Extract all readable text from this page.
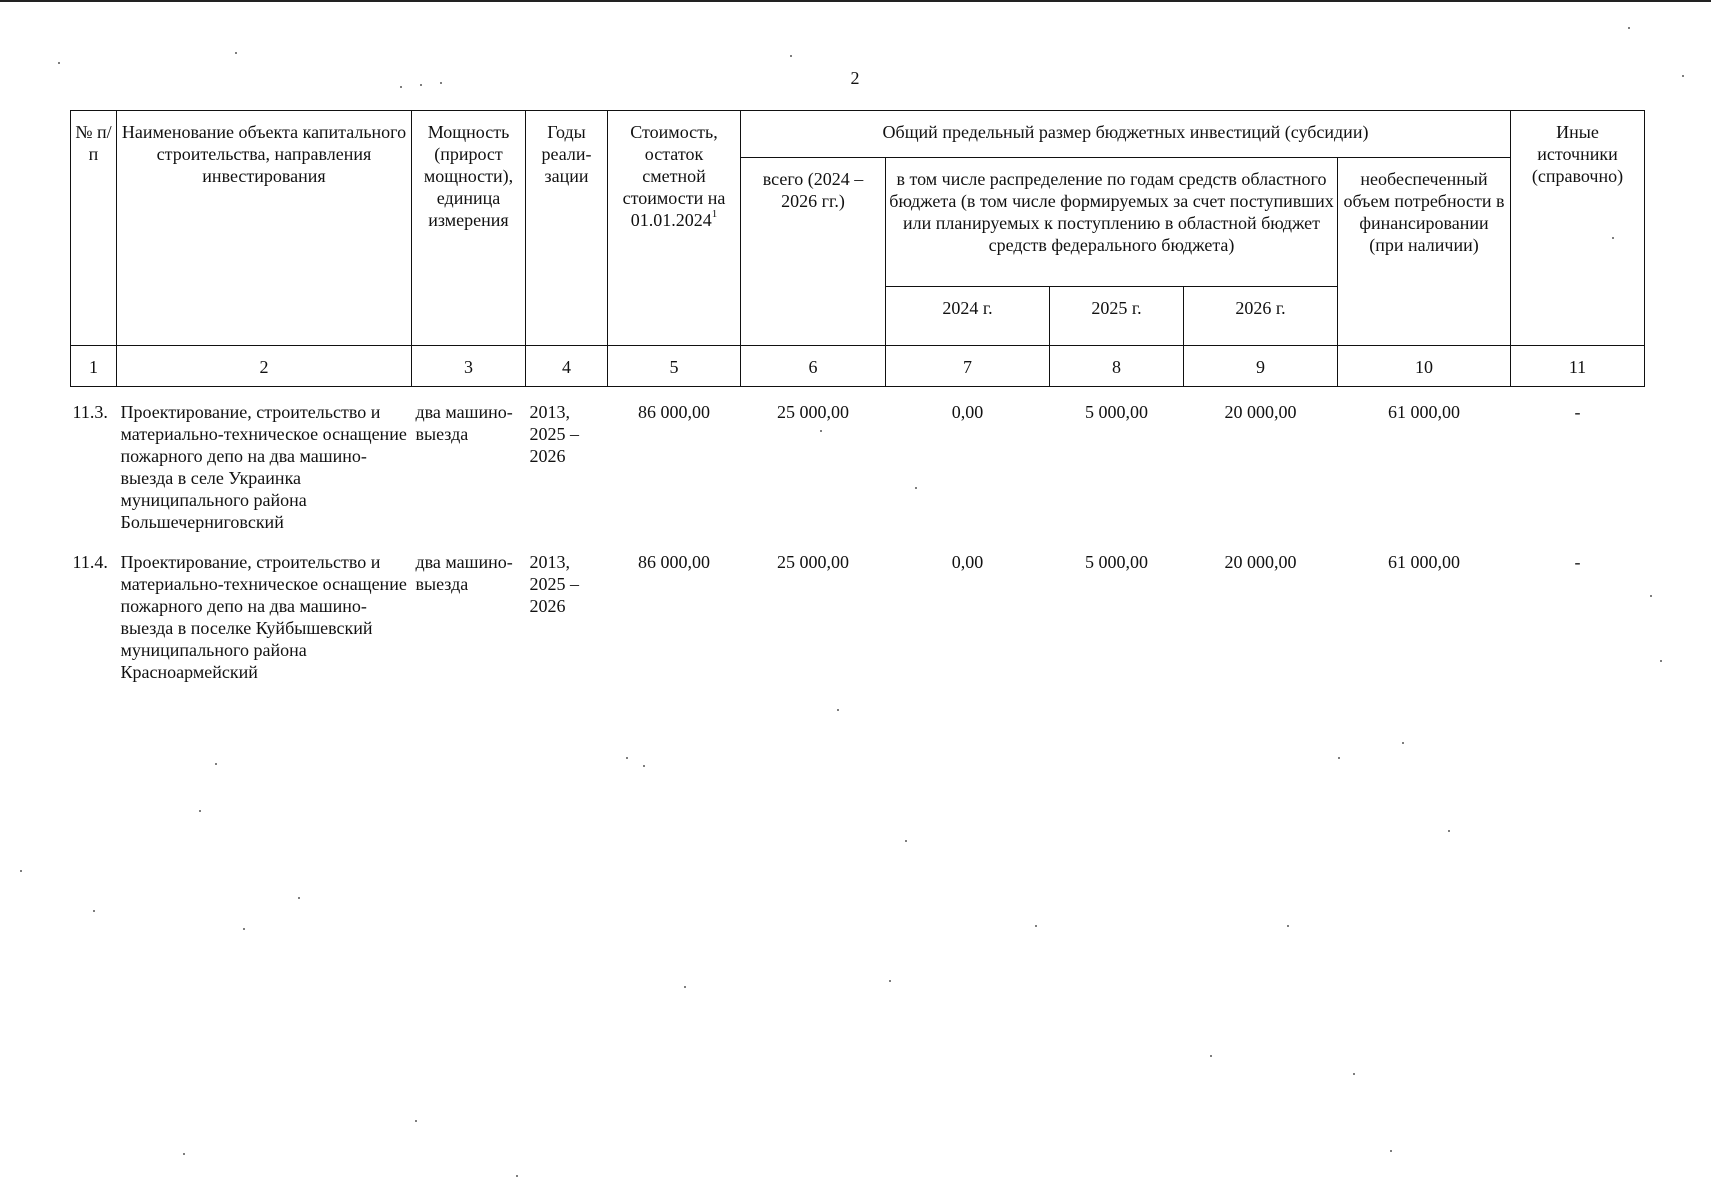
2
№ п/п	Наименование объекта капитального строительства, направления инвестирования	Мощность (прирост мощности), единица измерения	Годы реали-зации	Стоимость, остаток сметной стоимости на 01.01.2024$^1$	Общий предельный размер бюджетных инвестиций (субсидии)					Иные источники (справочно)
					всего (2024 – 2026 гг.)	в том числе распределение по годам средств областного бюджета (в том числе формируемых за счет поступивших или планируемых к поступлению в областной бюджет средств федерального бюджета)			необеспеченный объем потребности в финансировании (при наличии)	
						2024 г.	2025 г.	2026 г.		
1	2	3	4	5	6	7	8	9	10	11
11.3.	Проектирование, строительство и материально-техническое оснащение пожарного депо на два машино-выезда в селе Украинка муниципального района Большечерниговский	два машино-выезда	2013, 2025 – 2026	86 000,00	25 000,00	0,00	5 000,00	20 000,00	61 000,00	-
11.4.	Проектирование, строительство и материально-техническое оснащение пожарного депо на два машино-выезда в поселке Куйбышевский муниципального района Красноармейский	два машино-выезда	2013, 2025 – 2026	86 000,00	25 000,00	0,00	5 000,00	20 000,00	61 000,00	-
